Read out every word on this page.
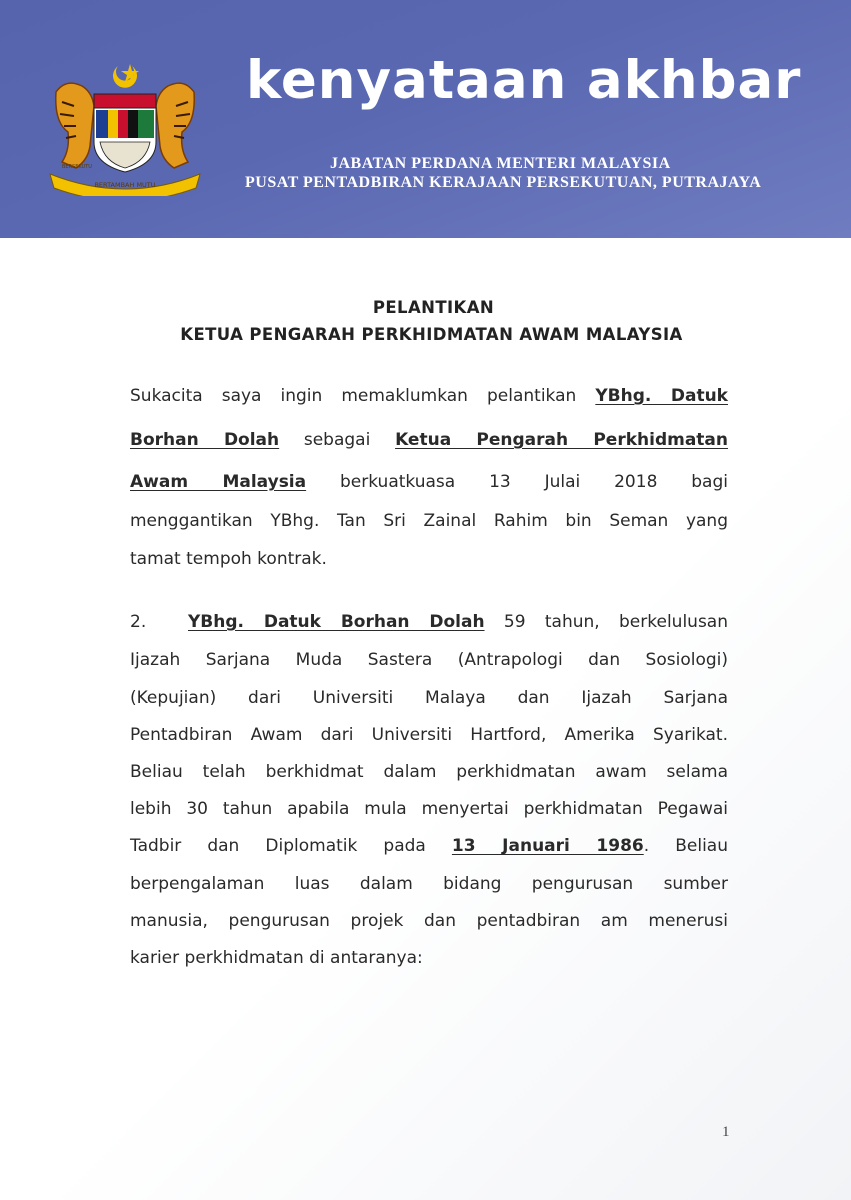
BERTAMBAH MUTU
BERSEKUTU
kenyataan akhbar
JABATAN PERDANA MENTERI MALAYSIA
PUSAT PENTADBIRAN KERAJAAN PERSEKUTUAN, PUTRAJAYA
PELANTIKAN
KETUA PENGARAH PERKHIDMATAN AWAM MALAYSIA
Sukacita saya ingin memaklumkan pelantikan YBhg. Datuk
Borhan Dolah sebagai Ketua Pengarah Perkhidmatan
Awam Malaysia berkuatkuasa 13 Julai 2018 bagi
menggantikan YBhg. Tan Sri Zainal Rahim bin Seman yang
tamat tempoh kontrak.
2. YBhg. Datuk Borhan Dolah 59 tahun, berkelulusan
Ijazah Sarjana Muda Sastera (Antrapologi dan Sosiologi)
(Kepujian) dari Universiti Malaya dan Ijazah Sarjana
Pentadbiran Awam dari Universiti Hartford, Amerika Syarikat.
Beliau telah berkhidmat dalam perkhidmatan awam selama
lebih 30 tahun apabila mula menyertai perkhidmatan Pegawai
Tadbir dan Diplomatik pada 13 Januari 1986. Beliau
berpengalaman luas dalam bidang pengurusan sumber
manusia, pengurusan projek dan pentadbiran am menerusi
karier perkhidmatan di antaranya:
1
